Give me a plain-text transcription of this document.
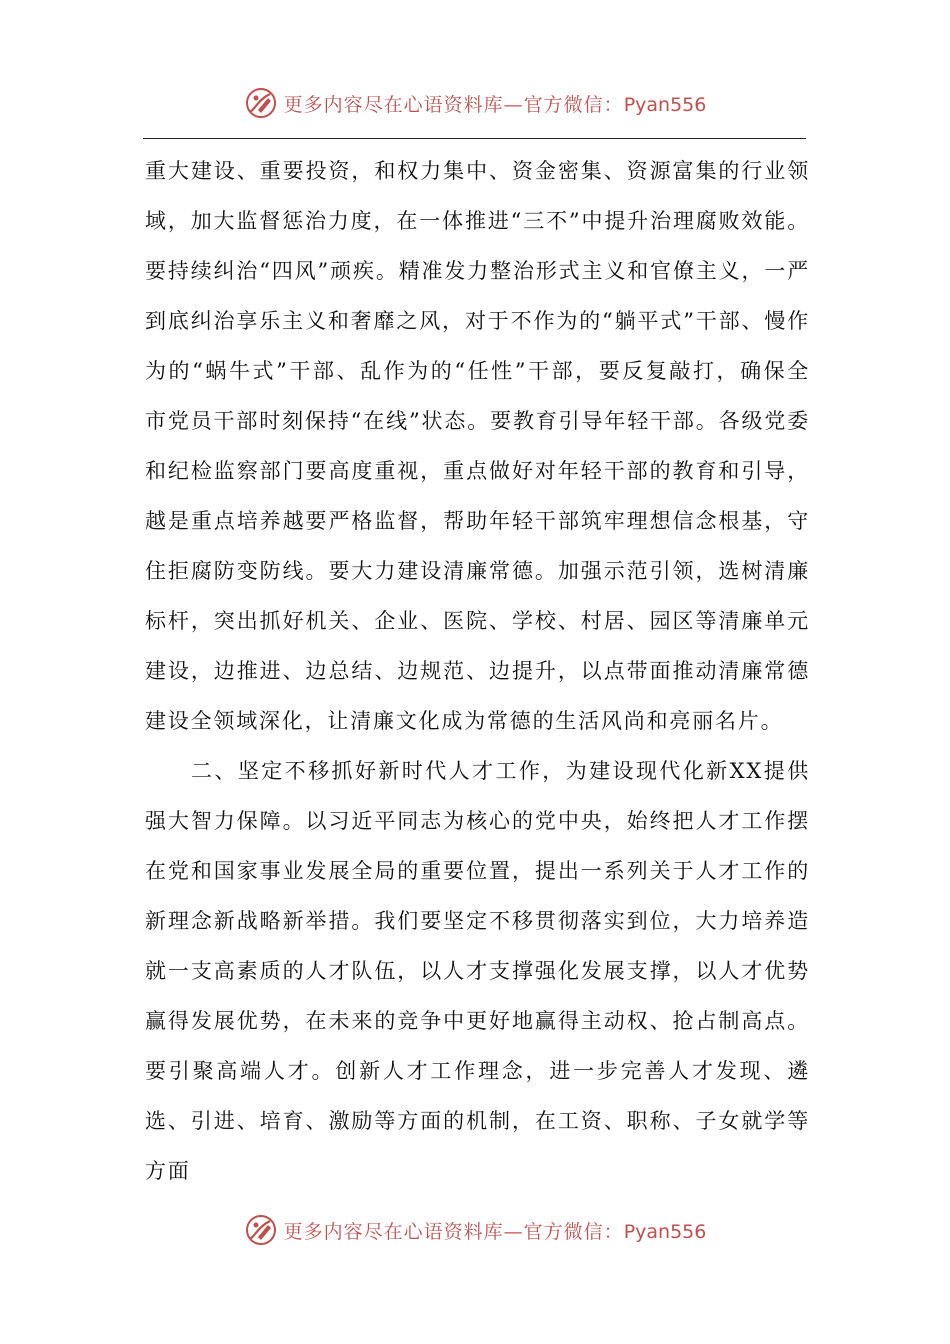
更多内容尽在心语资料库—官方微信：Pyan556

重大建设、重要投资，和权力集中、资金密集、资源富集的行业领域，加大监督惩治力度，在一体推进“三不”中提升治理腐败效能。要持续纠治“四风”顽疾。精准发力整治形式主义和官僚主义，一严到底纠治享乐主义和奢靡之风，对于不作为的“躺平式”干部、慢作为的“蜗牛式”干部、乱作为的“任性”干部，要反复敲打，确保全市党员干部时刻保持“在线”状态。要教育引导年轻干部。各级党委和纪检监察部门要高度重视，重点做好对年轻干部的教育和引导，越是重点培养越要严格监督，帮助年轻干部筑牢理想信念根基，守住拒腐防变防线。要大力建设清廉常德。加强示范引领，选树清廉标杆，突出抓好机关、企业、医院、学校、村居、园区等清廉单元建设，边推进、边总结、边规范、边提升，以点带面推动清廉常德建设全领域深化，让清廉文化成为常德的生活风尚和亮丽名片。

二、坚定不移抓好新时代人才工作，为建设现代化新XX提供强大智力保障。以习近平同志为核心的党中央，始终把人才工作摆在党和国家事业发展全局的重要位置，提出一系列关于人才工作的新理念新战略新举措。我们要坚定不移贯彻落实到位，大力培养造就一支高素质的人才队伍，以人才支撑强化发展支撑，以人才优势赢得发展优势，在未来的竞争中更好地赢得主动权、抢占制高点。要引聚高端人才。创新人才工作理念，进一步完善人才发现、遴选、引进、培育、激励等方面的机制，在工资、职称、子女就学等方面

更多内容尽在心语资料库—官方微信：Pyan556
